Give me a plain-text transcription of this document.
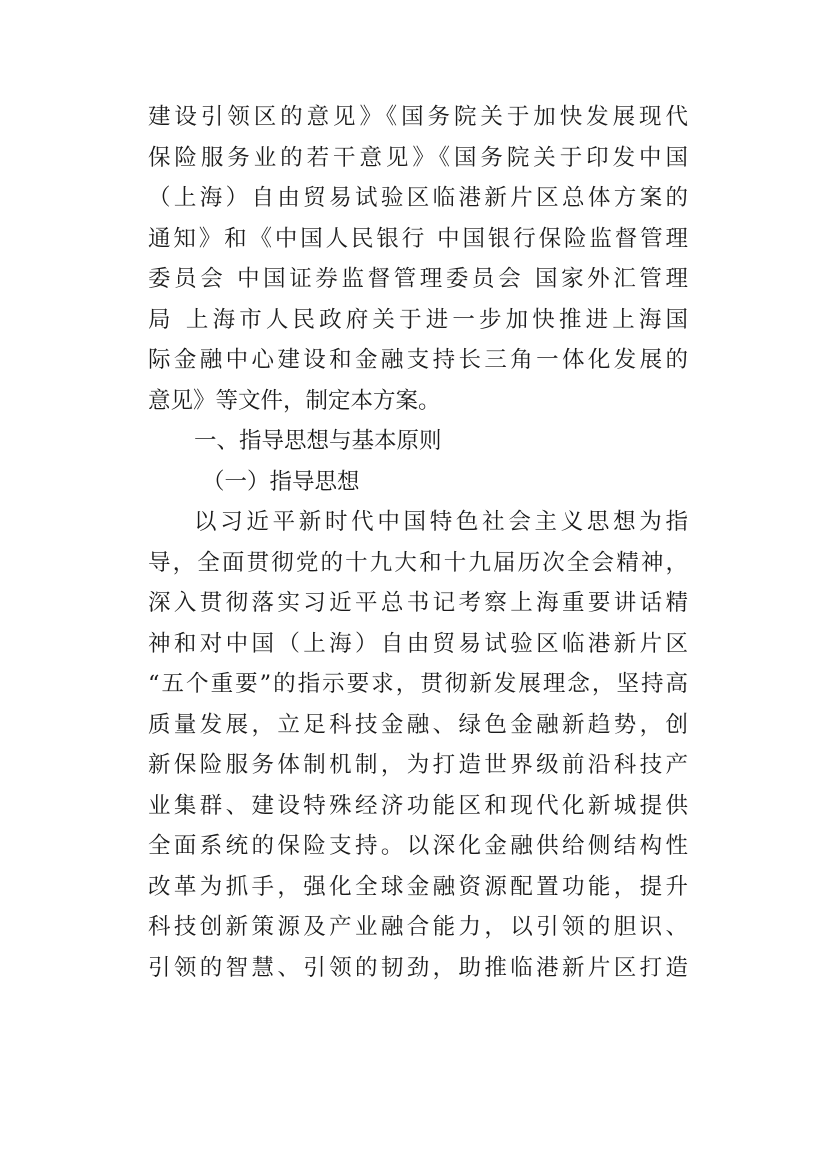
建设引领区的意见》《国务院关于加快发展现代
保险服务业的若干意见》《国务院关于印发中国
（上海）自由贸易试验区临港新片区总体方案的
通知》和《中国人民银行 中国银行保险监督管理
委员会 中国证券监督管理委员会 国家外汇管理
局 上海市人民政府关于进一步加快推进上海国
际金融中心建设和金融支持长三角一体化发展的
意见》等文件，制定本方案。
一、指导思想与基本原则
（一）指导思想
以习近平新时代中国特色社会主义思想为指
导，全面贯彻党的十九大和十九届历次全会精神，
深入贯彻落实习近平总书记考察上海重要讲话精
神和对中国（上海）自由贸易试验区临港新片区
“五个重要”的指示要求，贯彻新发展理念，坚持高
质量发展，立足科技金融、绿色金融新趋势，创
新保险服务体制机制，为打造世界级前沿科技产
业集群、建设特殊经济功能区和现代化新城提供
全面系统的保险支持。以深化金融供给侧结构性
改革为抓手，强化全球金融资源配置功能，提升
科技创新策源及产业融合能力，以引领的胆识、
引领的智慧、引领的韧劲，助推临港新片区打造
